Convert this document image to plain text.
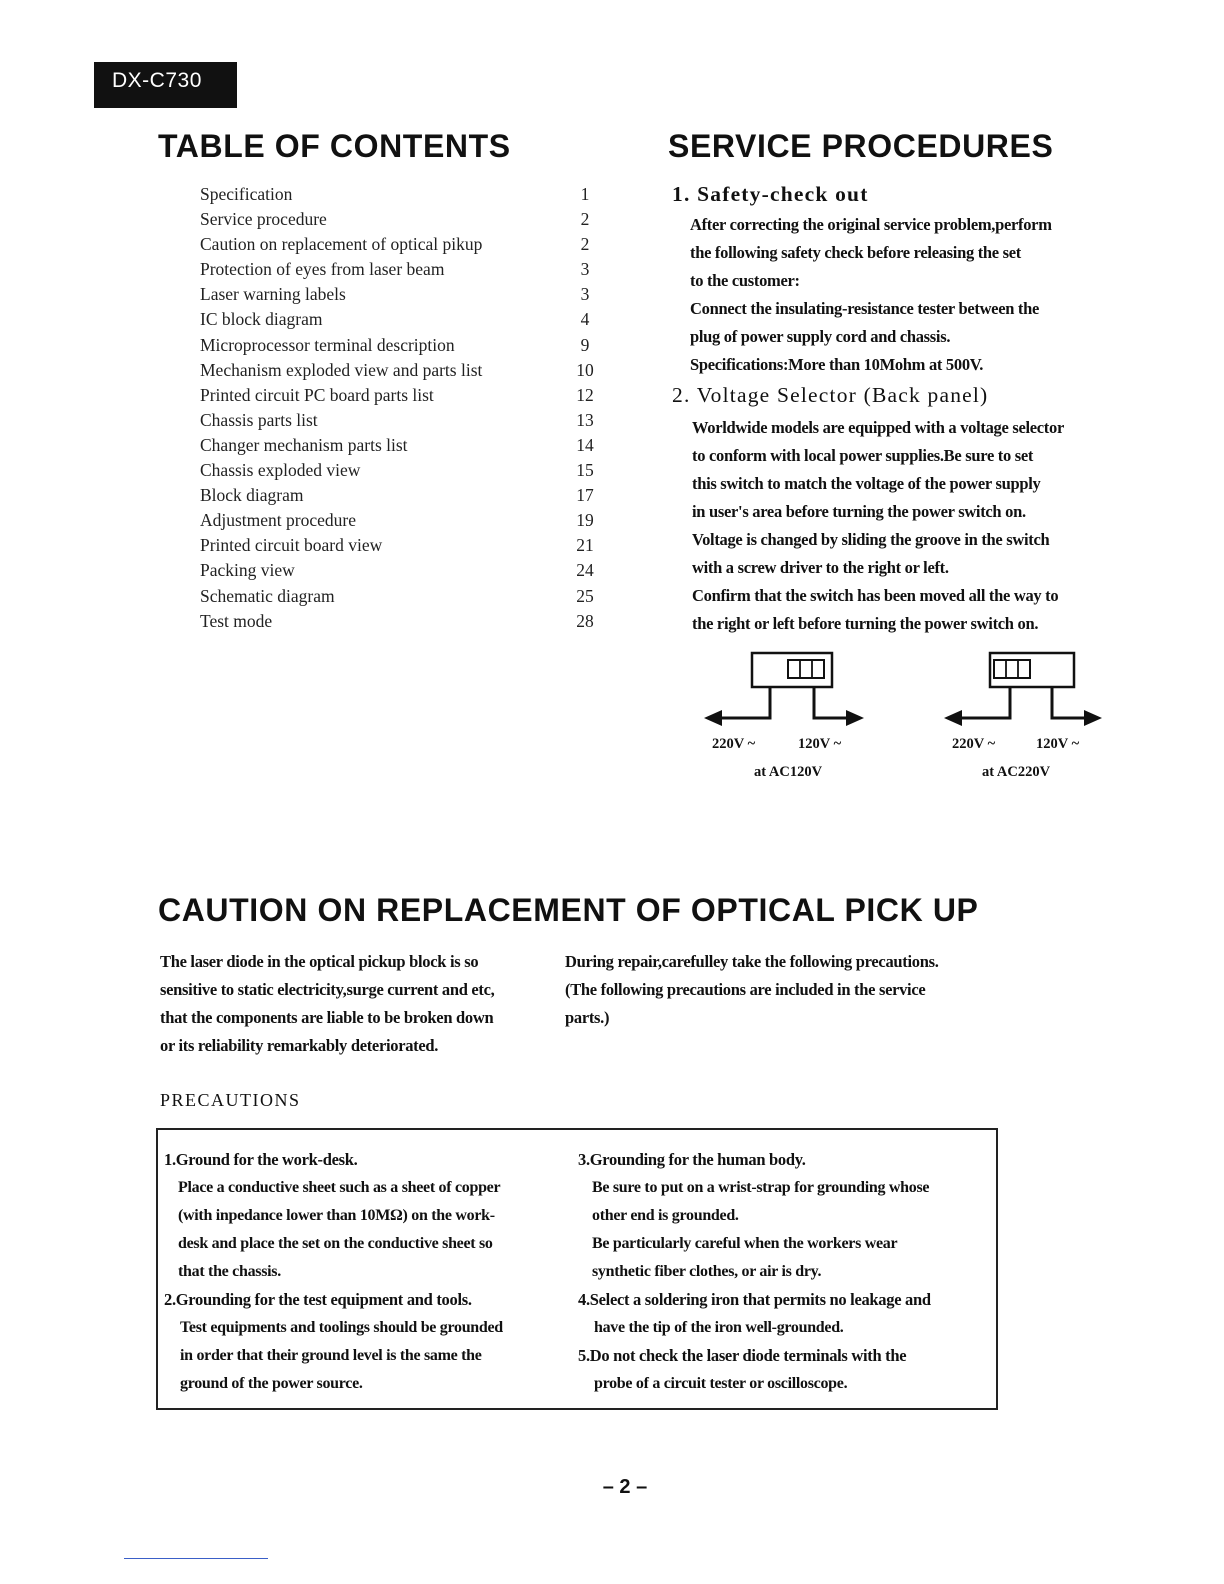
DX-C730
TABLE OF CONTENTS	SERVICE PROCEDURES
Specification	1
Service procedure	2
Caution on replacement of optical pikup	2
Protection of eyes from laser beam	3
Laser warning labels	3
IC block diagram	4
Microprocessor terminal description	9
Mechanism exploded view and parts list	10
Printed circuit PC board parts list	12
Chassis parts list	13
Changer mechanism parts list	14
Chassis exploded view	15
Block diagram	17
Adjustment procedure	19
Printed circuit board view	21
Packing view	24
Schematic diagram	25
Test mode	28
1. Safety-check out
After correcting the original service problem,perform
the following safety check before releasing the set
to the customer:
Connect the insulating-resistance tester between the
plug of power supply cord and chassis.
Specifications:More than 10Mohm at 500V.
2. Voltage Selector (Back panel)
Worldwide models are equipped with a voltage selector
to conform with local power supplies.Be sure to set
this switch to match the voltage of the power supply
in user's area before turning the power switch on.
Voltage is changed by sliding the groove in the switch
with a screw driver to the right or left.
Confirm that the switch has been moved all the way to
the right or left before turning the power switch on.
220V ~	120V ~
at AC120V
220V ~	120V ~
at AC220V
CAUTION ON REPLACEMENT OF OPTICAL PICK UP
The laser diode in the optical pickup block is so
sensitive to static electricity,surge current and etc,
that the components are liable to be broken down
or its reliability remarkably deteriorated.
During repair,carefulley take the following precautions.
(The following precautions are included in the service
parts.)
PRECAUTIONS
1.Ground for the work-desk.
Place a conductive sheet such as a sheet of copper
(with inpedance lower than 10MΩ) on the work-
desk and place the set on the conductive sheet so
that the chassis.
2.Grounding for the test equipment and tools.
Test equipments and toolings should be grounded
in order that their ground level is the same the
ground of the power source.
3.Grounding for the human body.
Be sure to put on a wrist-strap for grounding whose
other end is grounded.
Be particularly careful when the workers wear
synthetic fiber clothes, or air is dry.
4.Select a soldering iron that permits no leakage and
have the tip of the iron well-grounded.
5.Do not check the laser diode terminals with the
probe of a circuit tester or oscilloscope.
– 2 –
